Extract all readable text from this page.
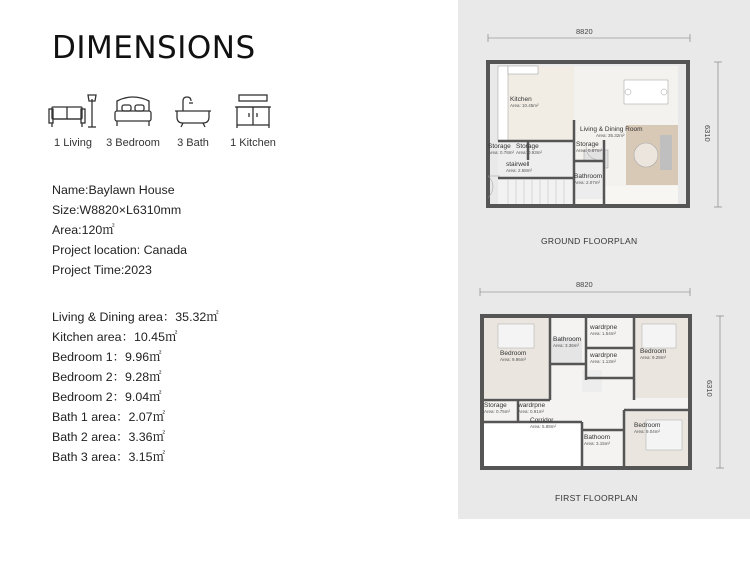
DIMENSIONS
1 Living	3 Bedroom	3 Bath	1 Kitchen
Name:Baylawn House
Size:W8820×L6310mm
Area:120㎡
Project location: Canada
Project Time:2023
Living & Dining area：35.32㎡
Kitchen area：10.45㎡
Bedroom 1：9.96㎡
Bedroom 2：9.28㎡
Bedroom 2：9.04㎡
Bath 1 area：2.07㎡
Bath 2 area：3.36㎡
Bath 3 area：3.15㎡
8820
6310
Kitchen
Area: 10.45m²
Living & Dining Room
Area: 35.32m²
Storage
Area: 0.78m²
Storage
Area: 0.93m²
Storage
Area: 0.87m²
stairwell
Area: 2.58m²
Bathroom
Area: 2.07m²
GROUND FLOORPLAN
8820
6310
Bedroom
Area: 9.96m²
Bathroom
Area: 3.36m²
wardrpne
Area: 1.54m²
wardrpne
Area: 1.13m²
Bedroom
Area: 9.28m²
Storage
Area: 0.75m²
wardrpne
Area: 0.91m²
Corridor
Area: 5.88m²
Bathoom
Area: 3.15m²
Bedroom
Area: 9.04m²
FIRST FLOORPLAN
